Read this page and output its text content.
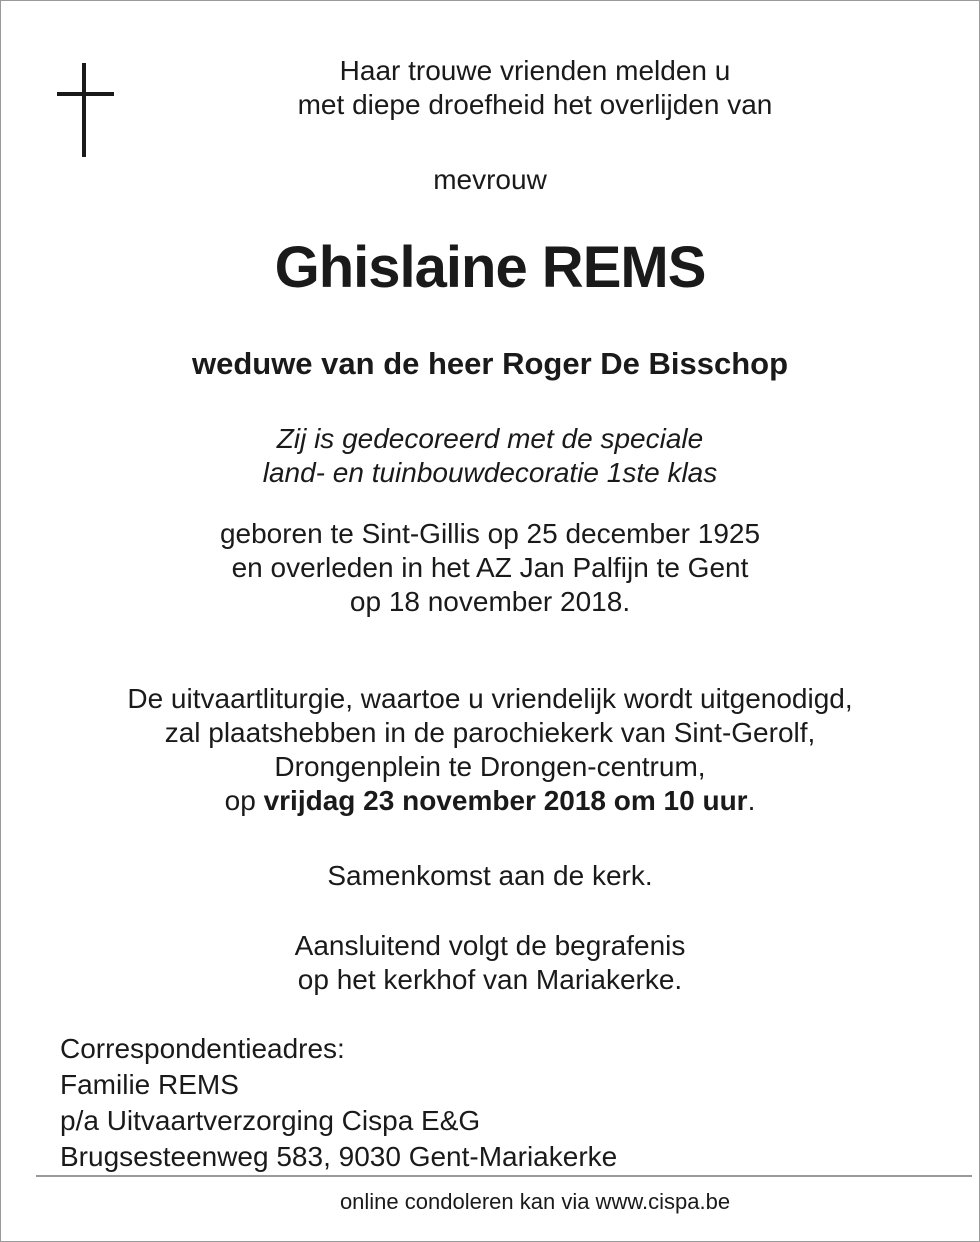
Haar trouwe vrienden melden u
met diepe droefheid het overlijden van
mevrouw
Ghislaine REMS
weduwe van de heer Roger De Bisschop
Zij is gedecoreerd met de speciale
land- en tuinbouwdecoratie 1ste klas
geboren te Sint-Gillis op 25 december 1925
en overleden in het AZ Jan Palfijn te Gent
op 18 november 2018.
De uitvaartliturgie, waartoe u vriendelijk wordt uitgenodigd,
zal plaatshebben in de parochiekerk van Sint-Gerolf,
Drongenplein te Drongen-centrum,
op vrijdag 23 november 2018 om 10 uur.
Samenkomst aan de kerk.
Aansluitend volgt de begrafenis
op het kerkhof van Mariakerke.
Correspondentieadres:
Familie REMS
p/a Uitvaartverzorging Cispa E&G
Brugsesteenweg 583, 9030 Gent-Mariakerke
online condoleren kan via www.cispa.be
